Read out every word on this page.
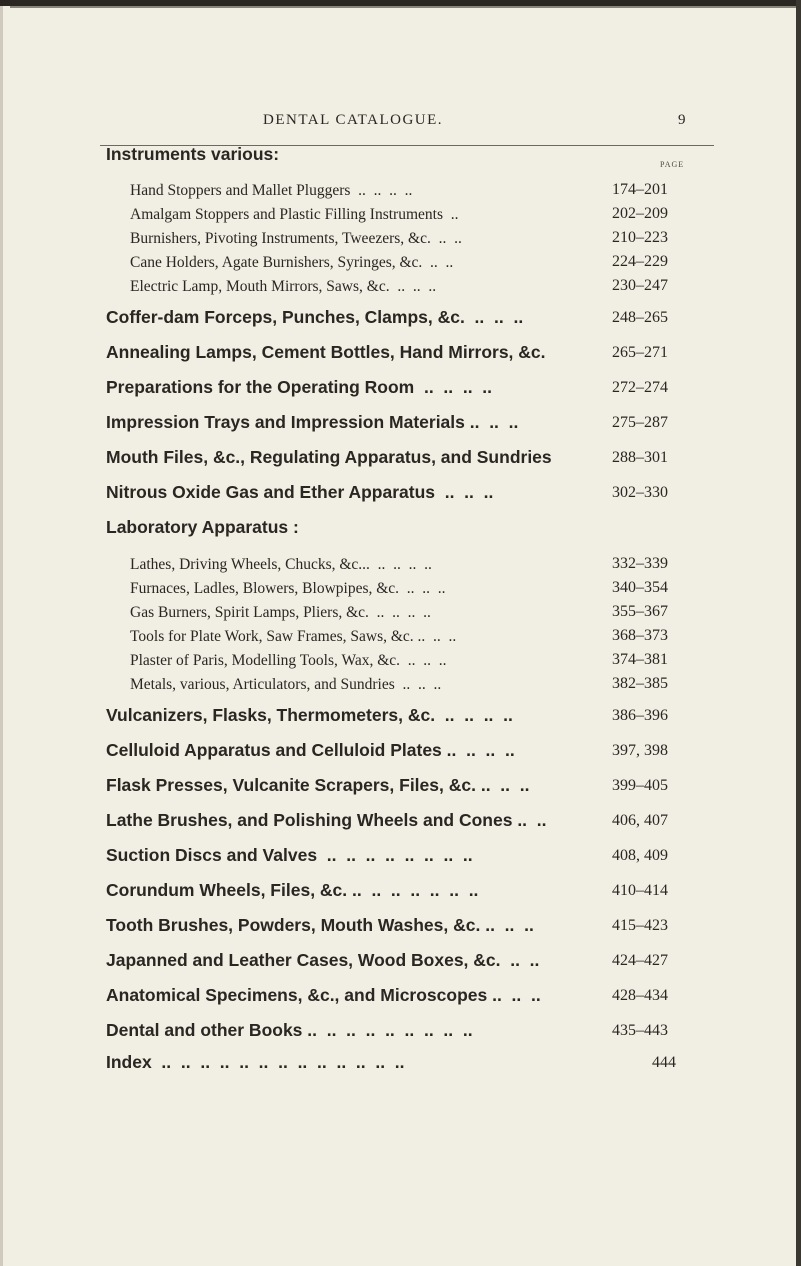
DENTAL CATALOGUE.	9
PAGE
Instruments various:
Hand Stoppers and Mallet Pluggers  ..  ..  ..  ..	174–201
Amalgam Stoppers and Plastic Filling Instruments  ..	202–209
Burnishers, Pivoting Instruments, Tweezers, &c.  ..  ..	210–223
Cane Holders, Agate Burnishers, Syringes, &c.  ..  ..	224–229
Electric Lamp, Mouth Mirrors, Saws, &c.  ..  ..  ..	230–247
Coffer-dam Forceps, Punches, Clamps, &c.  ..  ..  ..	248–265
Annealing Lamps, Cement Bottles, Hand Mirrors, &c.	265–271
Preparations for the Operating Room  ..  ..  ..  ..	272–274
Impression Trays and Impression Materials ..  ..  ..	275–287
Mouth Files, &c., Regulating Apparatus, and Sundries	288–301
Nitrous Oxide Gas and Ether Apparatus  ..  ..  ..	302–330
Laboratory Apparatus :
Lathes, Driving Wheels, Chucks, &c...  ..  ..  ..  ..	332–339
Furnaces, Ladles, Blowers, Blowpipes, &c.  ..  ..  ..	340–354
Gas Burners, Spirit Lamps, Pliers, &c.  ..  ..  ..  ..	355–367
Tools for Plate Work, Saw Frames, Saws, &c. ..  ..  ..	368–373
Plaster of Paris, Modelling Tools, Wax, &c.  ..  ..  ..	374–381
Metals, various, Articulators, and Sundries  ..  ..  ..	382–385
Vulcanizers, Flasks, Thermometers, &c.  ..  ..  ..  ..	386–396
Celluloid Apparatus and Celluloid Plates ..  ..  ..  ..	397, 398
Flask Presses, Vulcanite Scrapers, Files, &c. ..  ..  ..	399–405
Lathe Brushes, and Polishing Wheels and Cones ..  ..	406, 407
Suction Discs and Valves  ..  ..  ..  ..  ..  ..  ..  ..	408, 409
Corundum Wheels, Files, &c. ..  ..  ..  ..  ..  ..  ..	410–414
Tooth Brushes, Powders, Mouth Washes, &c. ..  ..  ..	415–423
Japanned and Leather Cases, Wood Boxes, &c.  ..  ..	424–427
Anatomical Specimens, &c., and Microscopes ..  ..  ..	428–434
Dental and other Books ..  ..  ..  ..  ..  ..  ..  ..  ..	435–443
Index  ..  ..  ..  ..  ..  ..  ..  ..  ..  ..  ..  ..  ..	444
